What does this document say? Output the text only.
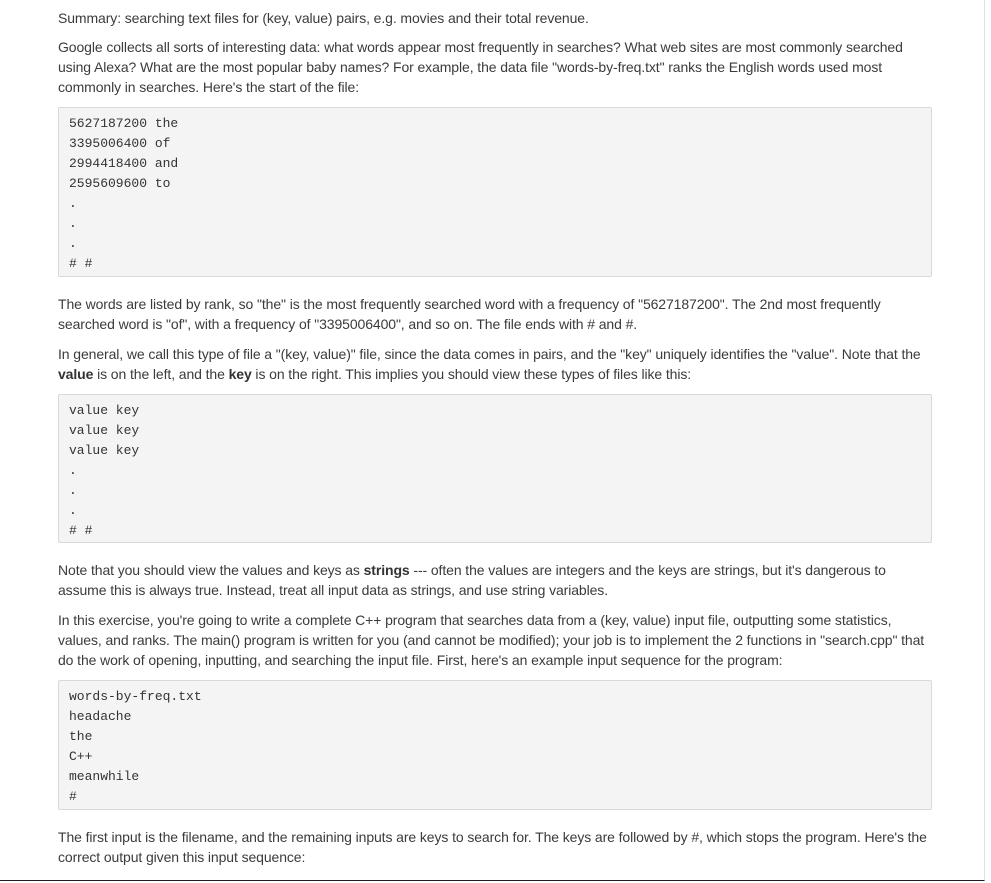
Summary: searching text files for (key, value) pairs, e.g. movies and their total revenue.

Google collects all sorts of interesting data: what words appear most frequently in searches? What web sites are most commonly searched using Alexa? What are the most popular baby names? For example, the data file "words-by-freq.txt" ranks the English words used most commonly in searches. Here's the start of the file:

5627187200 the
3395006400 of
2994418400 and
2595609600 to
.
.
.
# #

The words are listed by rank, so "the" is the most frequently searched word with a frequency of "5627187200". The 2nd most frequently searched word is "of", with a frequency of "3395006400", and so on. The file ends with # and #.

In general, we call this type of file a "(key, value)" file, since the data comes in pairs, and the "key" uniquely identifies the "value". Note that the value is on the left, and the key is on the right. This implies you should view these types of files like this:

value key
value key
value key
.
.
.
# #

Note that you should view the values and keys as strings --- often the values are integers and the keys are strings, but it's dangerous to assume this is always true. Instead, treat all input data as strings, and use string variables.

In this exercise, you're going to write a complete C++ program that searches data from a (key, value) input file, outputting some statistics, values, and ranks. The main() program is written for you (and cannot be modified); your job is to implement the 2 functions in "search.cpp" that do the work of opening, inputting, and searching the input file. First, here's an example input sequence for the program:

words-by-freq.txt
headache
the
C++
meanwhile
#

The first input is the filename, and the remaining inputs are keys to search for. The keys are followed by #, which stops the program. Here's the correct output given this input sequence:
